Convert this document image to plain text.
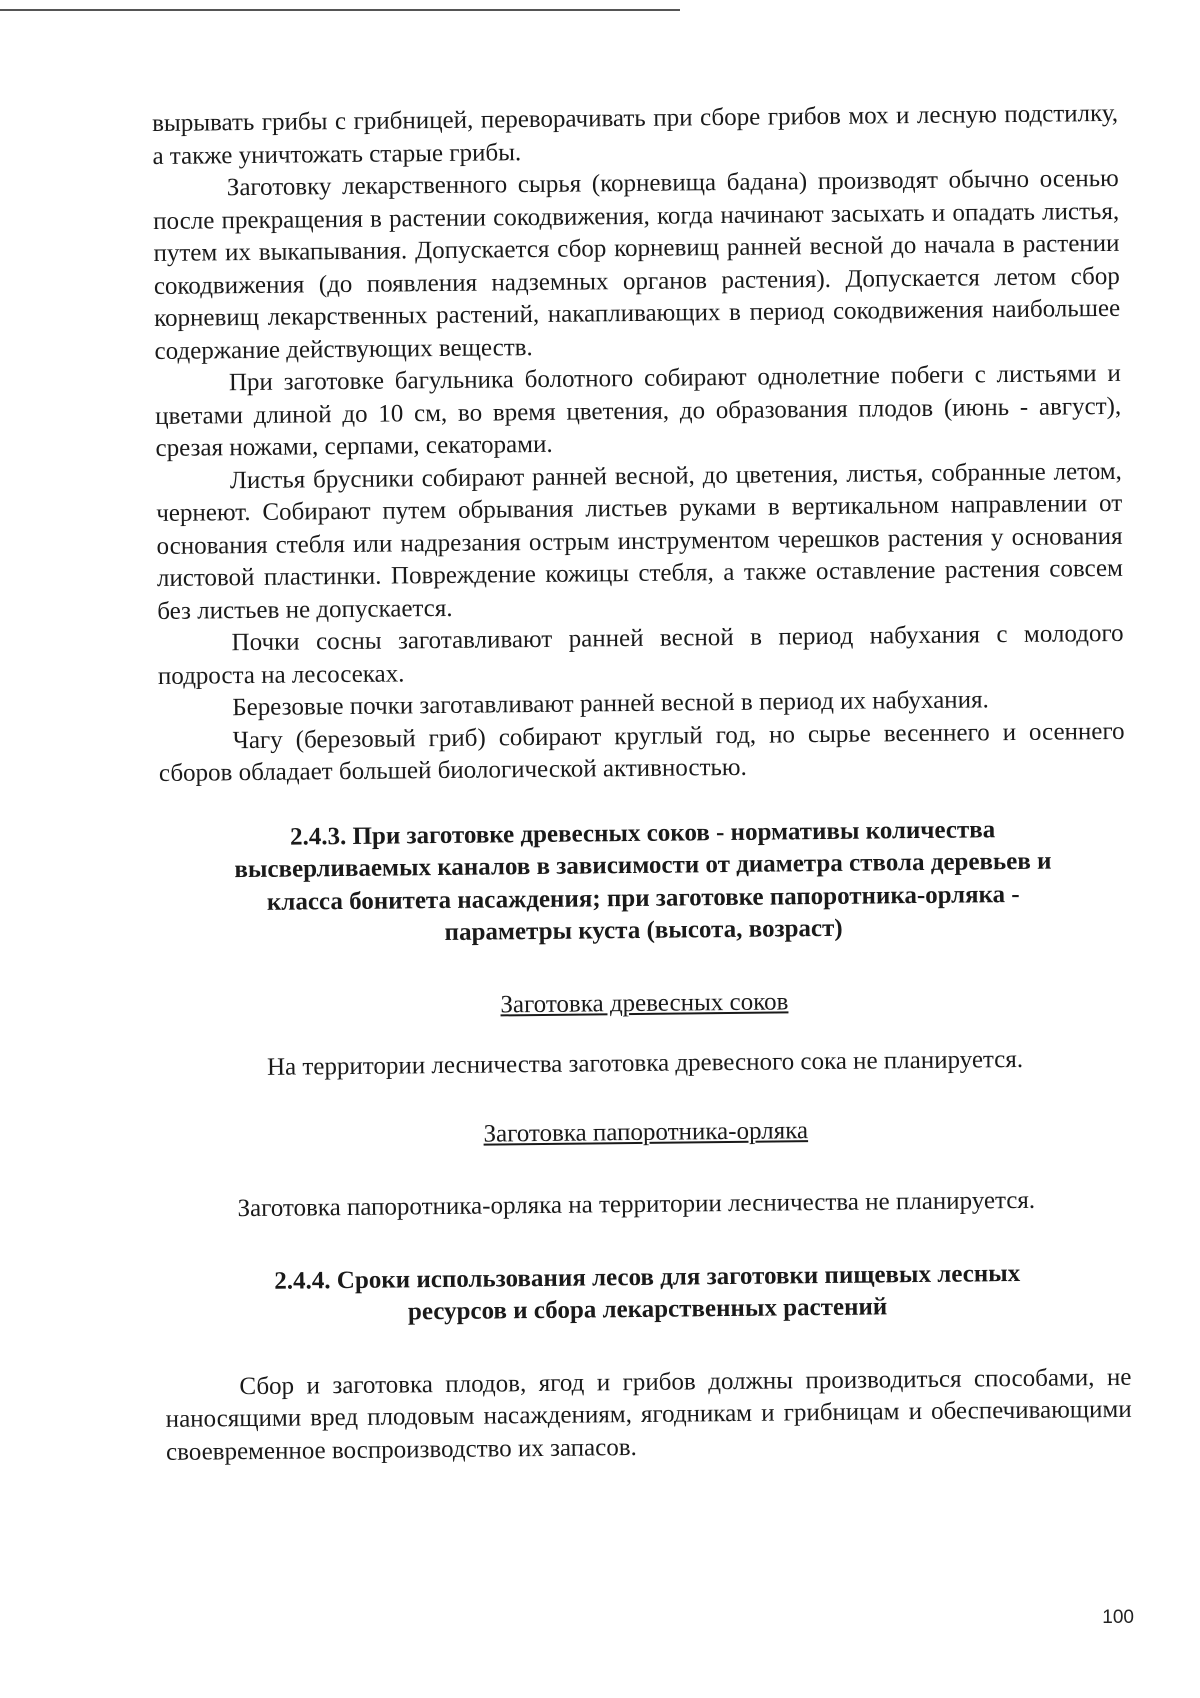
вырывать грибы с грибницей, переворачивать при сборе грибов мох и лесную подстилку, а также уничтожать старые грибы.

Заготовку лекарственного сырья (корневища бадана) производят обычно осенью после прекращения в растении сокодвижения, когда начинают засыхать и опадать листья, путем их выкапывания. Допускается сбор корневищ ранней весной до начала в растении сокодвижения (до появления надземных органов растения). Допускается летом сбор корневищ лекарственных растений, накапливающих в период сокодвижения наибольшее содержание действующих веществ.

При заготовке багульника болотного собирают однолетние побеги с листьями и цветами длиной до 10 см, во время цветения, до образования плодов (июнь - август), срезая ножами, серпами, секаторами.

Листья брусники собирают ранней весной, до цветения, листья, собранные летом, чернеют. Собирают путем обрывания листьев руками в вертикальном направлении от основания стебля или надрезания острым инструментом черешков растения у основания листовой пластинки. Повреждение кожицы стебля, а также оставление растения совсем без листьев не допускается.

Почки сосны заготавливают ранней весной в период набухания с молодого подроста на лесосеках.

Березовые почки заготавливают ранней весной в период их набухания.

Чагу (березовый гриб) собирают круглый год, но сырье весеннего и осеннего сборов обладает большей биологической активностью.

2.4.3. При заготовке древесных соков - нормативы количества высверливаемых каналов в зависимости от диаметра ствола деревьев и класса бонитета насаждения; при заготовке папоротника-орляка - параметры куста (высота, возраст)

Заготовка древесных соков

На территории лесничества заготовка древесного сока не планируется.

Заготовка папоротника-орляка

Заготовка папоротника-орляка на территории лесничества не планируется.

2.4.4. Сроки использования лесов для заготовки пищевых лесных ресурсов и сбора лекарственных растений

Сбор и заготовка плодов, ягод и грибов должны производиться способами, не наносящими вред плодовым насаждениям, ягодникам и грибницам и обеспечивающими своевременное воспроизводство их запасов.

100
